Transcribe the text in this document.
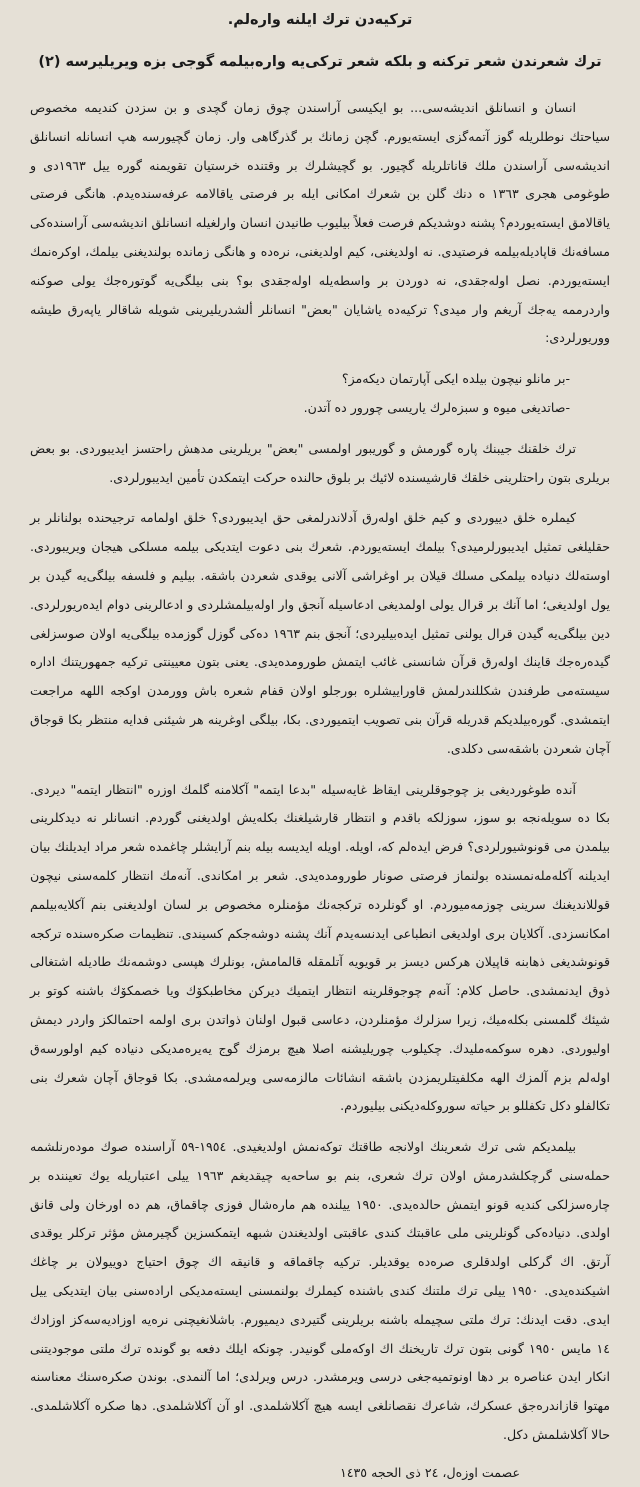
ترکیه‌دن ترك ایلنه وارەلم.
ترك شعرندن شعر ترکنه و بلکه شعر ترکی‌یه وارەبیلمه گوجی بزه ویریلیرسه (٢)

انسان و انسانلق اندیشه‌سی... بو ایکیسی آراسندن چوق زمان گچدی و بن سزدن کندیمه مخصوص سیاحتك نوطلریله گوز آتمه‌گزی ایسته‌یورم. گچن زمانك بر گذرگاهی وار. زمان گچیورسه هپ انسانله انسانلق اندیشه‌سی آراسندن ملك قاناتلریله گچیور. بو گچیشلرك بر وقتنده خرستیان تقویمنه گوره ییل ١٩٦٣دی و طوغومی هجری ١٣٦٣ ه دنك گلن بن شعرك امكانی ایله بر فرصتی یاقالامه عرفه‌سنده‌یدم. هانگی فرصتی یاقالامق ایسته‌یوردم؟ پشنه دوشدیکم فرصت فعلاً بیلیوب طانیدن انسان وارلغیله انسانلق اندیشه‌سی آراسنده‌کی مسافه‌نك قاپادیله‌بیلمه فرصتیدی. نه اولدیغنی، کیم اولدیغنی، نره‌ده و هانگی زمانده بولندیغنی بیلمك، اوکرەنمك ایسته‌یوردم. نصل اولەجقدی، نه دوردن بر واسطه‌یله اولەجقدی بو؟ بنی بیلگی‌یه گوتوره‌جك یولی صوكنه واردرممه یەجك آریغم وار میدی؟ ترکیه‌ده یاشایان "بعض" انسانلر ألشدریلیرینی شویله شاقالر یاپەرق طیشه ووریورلردی:

-بر مانلو نیچون بیلده ایکی آپارتمان دیکەمز؟
-صاتدیغی میوه و سبزه‌لرك یاریسی چورور ده آتدن.

ترك خلقنك جیبنك پاره گورمش و گوریبور اولمسی "بعض" بریلرینی مدهش راحتسز ایدیبوردی. بو بعض بریلری بتون راحتلرینی خلقك قارشیسنده لائیك بر بلوق حالنده حركت ایتمكدن تأمین ایدیبورلردی.

کیملره خلق دییوردی و کیم خلق اولەرق آدلاندرلمغی حق ایدیبوردی؟ خلق اولمامه ترجیحنده بولنانلر بر حقلیلغی تمثیل ایدیبورلرمیدی؟ بیلمك ایسته‌یوردم. شعرك بنی دعوت ایتدیکی بیلمه مسلكی هیجان ویریبوردی. اوسته‌لك دنیاده بیلمکی مسلك قیلان بر اوغراشی آلانی یوقدی شعردن باشقه. بیلیم و فلسفه بیلگی‌یه گیدن بر یول اولدیغی؛ اما آنك بر قرال یولی اولمدیغی ادعاسیله آنجق وار اوله‌بیلمشلردی و ادعالرینی دوام ایدەریورلردی. دین بیلگی‌یه گیدن قرال یولنی تمثیل ایده‌بیلیردی؛ آنجق بنم ١٩٦٣ ده‌کی گوزل گوزمده بیلگی‌یه اولان صوسزلغی گیده‌ره‌جك قاینك اولەرق قرآن شانسنی غائب ایتمش طورومده‌یدی. یعنی بتون معیینتی ترکیه جمهوریتنك اداره سیستەمی طرفندن شکللندرلمش قاوراییشلره بورجلو اولان قفام شعره باش وورمدن اوکجه اللهه مراجعت ایتمشدی. گوره‌بیلدیکم قدریله قرآن بنی تصویب ایتمیوردی. بکا، بیلگی اوغرینه هر شیئنی فدایه منتظر بکا قوجاق آچان شعردن باشقەسی دکلدی.

آنده طوغوردیغی بز چوجوقلرینی ایقاظ غایه‌سیله "بدعا ایتمه" آکلامنه گلمك اوزره "انتظار ایتمه" دیردی. بکا ده سویلەنجه بو سوز، سوزلکه باقدم و انتظار قارشیلغنك بکلەیش اولدیغنی گوردم. انسانلر نه دیدکلرینی بیلمدن می قونوشیورلردی؟ فرض ایده‌لم که، اویله. اویله ایدیسه بیله بنم آرایشلر چاغمده شعر مراد ایدیلنك بیان ایدیلنه آكلەملەنمسنده بولنماز فرصتی صونار طورومده‌یدی. شعر بر امکاندی. آنەمك انتظار کلمه‌سنی نیچون قوللاندیغنك سرینی چوزمه‌میوردم. او گونلرده ترکجەنك مؤمنلره مخصوص بر لسان اولدیغنی بنم آکلایەبیلمم امکانسزدی. آکلایان بری اولدیغی انطباعی ایدنسەیدم آنك پشنه دوشه‌جكم کسیندی. تنظیمات صکره‌سنده ترکجه قونوشدیغی ذهابنه قاپیلان هرکس دیسز بر قویویه آتلمقله قالمامش، بونلرك هپسی دوشمه‌نك طادیله اشتغالی ذوق ایدنمشدی. حاصل کلام: آنەم چوجوقلرینه انتظار ایتمیك دیركن مخاطبكۆك ویا خصمكۆك باشنه کوتو بر شیئك گلمسنی بکلەمیك، زیرا سزلرك مؤمنلردن، دعاسی قبول اولنان ذواتدن بری اولمه احتمالكز واردر دیمش اولیوردی. دهره سوکمەملیدك. چکیلوب چوریلیشنه اصلا هیچ برمزك گوج یەیرەمدیکی دنیاده کیم اولورسەق اولەلم بزم آلمزك الهه مكلفیتلریمزدن باشقه انشائات مالزمه‌سی ویرلمه‌مشدی. بکا قوجاق آچان شعرك بنی تکالفلو دکل تکفللو بر حیاته سوروکله‌دیکنی بیلیوردم.

بیلمدیکم شی ترك شعرینك اولانجه طاقتك توکه‌نمش اولدیغیدی. ١٩٥٤-٥٩ آراسنده صوك موده‌رنلشمه حمله‌سنی گرچکلشدرمش اولان ترك شعری، بنم بو ساحه‌یه چیقدیغم ١٩٦٣ ییلی اعتباریله یوك تعیننده بر چاره‌سزلکی کندیه قونو ایتمش حالده‌یدی. ١٩٥٠ ییلنده هم مارەشال فوزی چاقماق، هم ده اورخان ولی قانق اولدی. دنیاده‌کی گونلرینی ملی عاقبتك کندی عاقبتی اولدیغندن شبهه ایتمکسزین گچیرمش مؤثر ترکلر یوقدی آرتق. اك گرکلی اولدقلری صرەده یوقدیلر. ترکیه چاقماقه و قانیقه اك چوق احتیاج دوییولان بر چاغك اشیکنده‌یدی. ١٩٥٠ ییلی ترك ملتنك کندی باشنده کیملرك بولنمسنی ایسته‌مدیکی اراده‌سنی بیان ایتدیکی ییل ایدی. دقت ایدنك: ترك ملتی سچیمله باشنه بریلرینی گتیردی دیمیورم. باشلانغیچنی نرەیه اوزادیه‌سه‌کز اوزادك ١٤ مایس ١٩٥٠ گونی بتون ترك تاریخنك اك اوکەملی گونیدر. چونکه ایلك دفعه بو گونده ترك ملتی موجودیتنی انکار ایدن عناصره بر دها اونوتمیه‌جغی درسی ویرمشدر. درس ویرلدی؛ اما آلنمدی. بوندن صکره‌سنك معناسنه مهتوا قازاندره‌جق عسکرك، شاعرك نقصانلغی ایسه هیچ آکلاشلمدی. او آن آکلاشلمدی. دها صکره آکلاشلمدی. حالا آکلاشلمش دکل.

عصمت اوزەل، ٢٤ ذی الحجه ١٤٣٥
